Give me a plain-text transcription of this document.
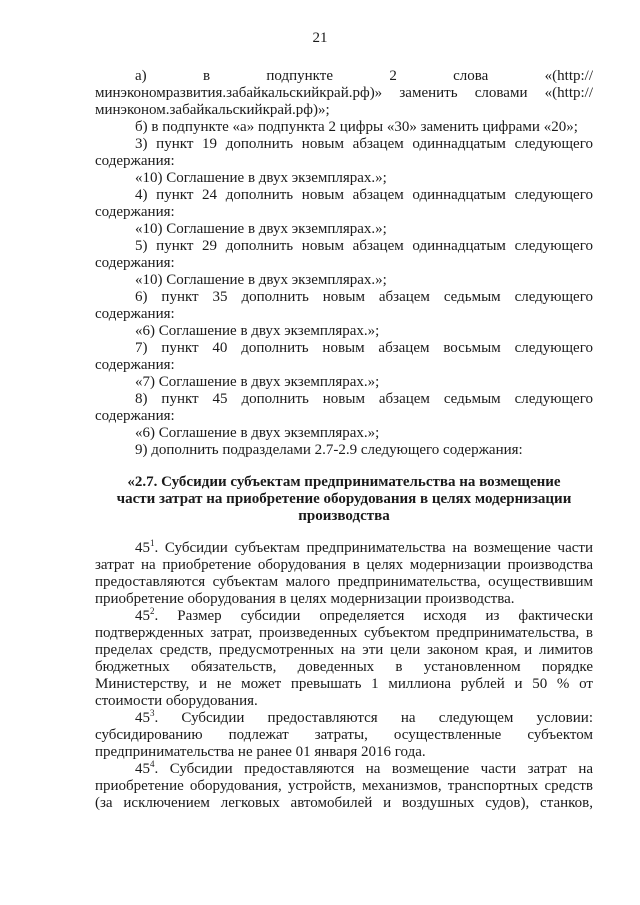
21

а) в подпункте 2 слова «(http://минэкономразвития.забайкальскийкрай.рф)» заменить словами «(http://минэконом.забайкальскийкрай.рф)»;

б) в подпункте «а» подпункта 2 цифры «30» заменить цифрами «20»;

3) пункт 19 дополнить новым абзацем одиннадцатым следующего содержания:

«10) Соглашение в двух экземплярах.»;

4) пункт 24 дополнить новым абзацем одиннадцатым следующего содержания:

«10) Соглашение в двух экземплярах.»;

5) пункт 29 дополнить новым абзацем одиннадцатым следующего содержания:

«10) Соглашение в двух экземплярах.»;

6) пункт 35 дополнить новым абзацем седьмым следующего содержания:

«6) Соглашение в двух экземплярах.»;

7) пункт 40 дополнить новым абзацем восьмым следующего содержания:

«7) Соглашение в двух экземплярах.»;

8) пункт 45 дополнить новым абзацем седьмым следующего содержания:

«6) Соглашение в двух экземплярах.»;

9) дополнить подразделами 2.7-2.9 следующего содержания:

«2.7. Субсидии субъектам предпринимательства на возмещение
части затрат на приобретение оборудования в целях модернизации
производства

$45^1$. Субсидии субъектам предпринимательства на возмещение части затрат на приобретение оборудования в целях модернизации производства предоставляются субъектам малого предпринимательства, осуществившим приобретение оборудования в целях модернизации производства.

$45^2$. Размер субсидии определяется исходя из фактически подтвержденных затрат, произведенных субъектом предпринимательства, в пределах средств, предусмотренных на эти цели законом края, и лимитов бюджетных обязательств, доведенных в установленном порядке Министерству, и не может превышать 1 миллиона рублей и 50 % от стоимости оборудования.

$45^3$. Субсидии предоставляются на следующем условии: субсидированию подлежат затраты, осуществленные субъектом предпринимательства не ранее 01 января 2016 года.

$45^4$. Субсидии предоставляются на возмещение части затрат на приобретение оборудования, устройств, механизмов, транспортных средств (за исключением легковых автомобилей и воздушных судов), станков,
